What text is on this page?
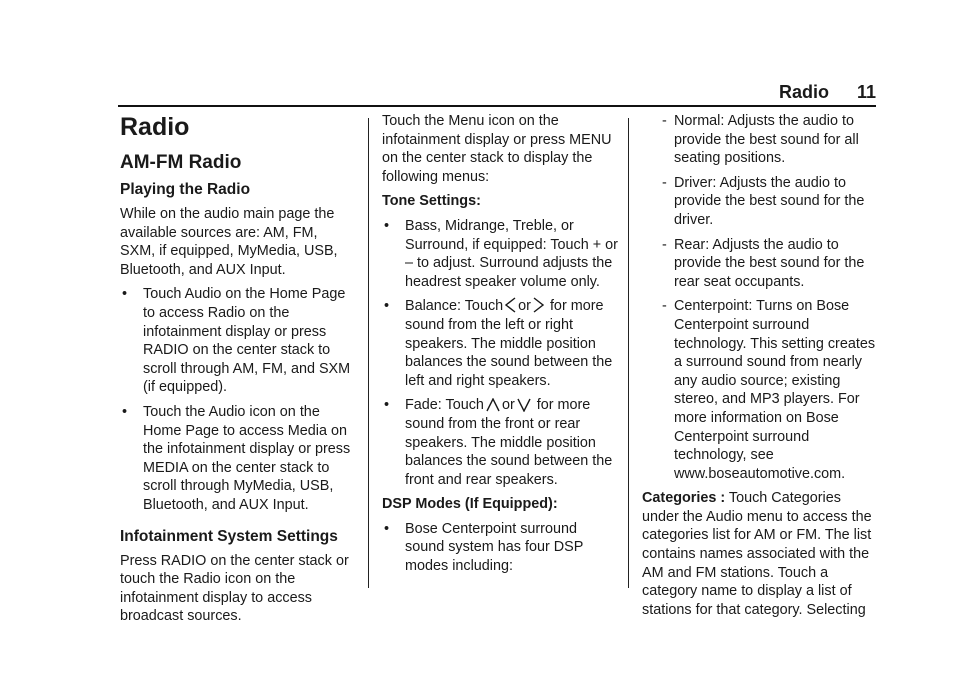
Radio 11
Radio
AM-FM Radio
Playing the Radio

While on the audio main page the available sources are: AM, FM, SXM, if equipped, MyMedia, USB, Bluetooth, and AUX Input.

• Touch Audio on the Home Page to access Radio on the infotainment display or press RADIO on the center stack to scroll through AM, FM, and SXM (if equipped).
• Touch the Audio icon on the Home Page to access Media on the infotainment display or press MEDIA on the center stack to scroll through MyMedia, USB, Bluetooth, and AUX Input.
Infotainment System Settings

Press RADIO on the center stack or touch the Radio icon on the infotainment display to access broadcast sources.

Touch the Menu icon on the infotainment display or press MENU on the center stack to display the following menus:

Tone Settings:

• Bass, Midrange, Treble, or Surround, if equipped: Touch + or – to adjust. Surround adjusts the headrest speaker volume only.
• Balance: Touch or for more sound from the left or right speakers. The middle position balances the sound between the left and right speakers.
• Fade: Touch or for more sound from the front or rear speakers. The middle position balances the sound between the front and rear speakers.

DSP Modes (If Equipped):

• Bose Centerpoint surround sound system has four DSP modes including:
- Normal: Adjusts the audio to provide the best sound for all seating positions.
- Driver: Adjusts the audio to provide the best sound for the driver.
- Rear: Adjusts the audio to provide the best sound for the rear seat occupants.
- Centerpoint: Turns on Bose Centerpoint surround technology. This setting creates a surround sound from nearly any audio source; existing stereo, and MP3 players. For more information on Bose Centerpoint surround technology, see www.boseautomotive.com.

Categories : Touch Categories under the Audio menu to access the categories list for AM or FM. The list contains names associated with the AM and FM stations. Touch a category name to display a list of stations for that category. Selecting
